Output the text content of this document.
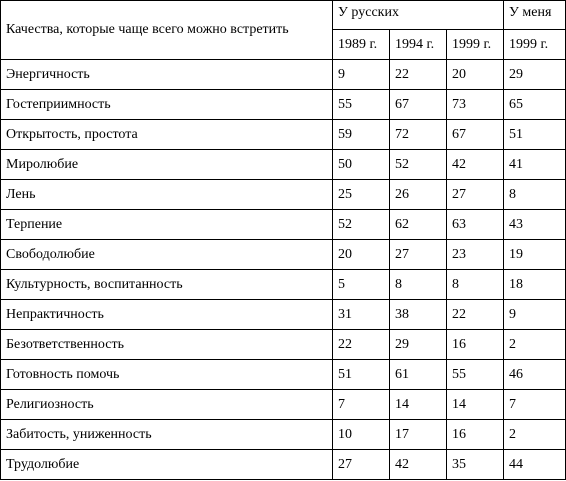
Качества, которые чаще всего можно встретить	У русских			У меня
	1989 г.	1994 г.	1999 г.	1999 г.
Энергичность	9	22	20	29
Гостеприимность	55	67	73	65
Открытость, простота	59	72	67	51
Миролюбие	50	52	42	41
Лень	25	26	27	8
Терпение	52	62	63	43
Свободолюбие	20	27	23	19
Культурность, воспитанность	5	8	8	18
Непрактичность	31	38	22	9
Безответственность	22	29	16	2
Готовность помочь	51	61	55	46
Религиозность	7	14	14	7
Забитость, униженность	10	17	16	2
Трудолюбие	27	42	35	44
